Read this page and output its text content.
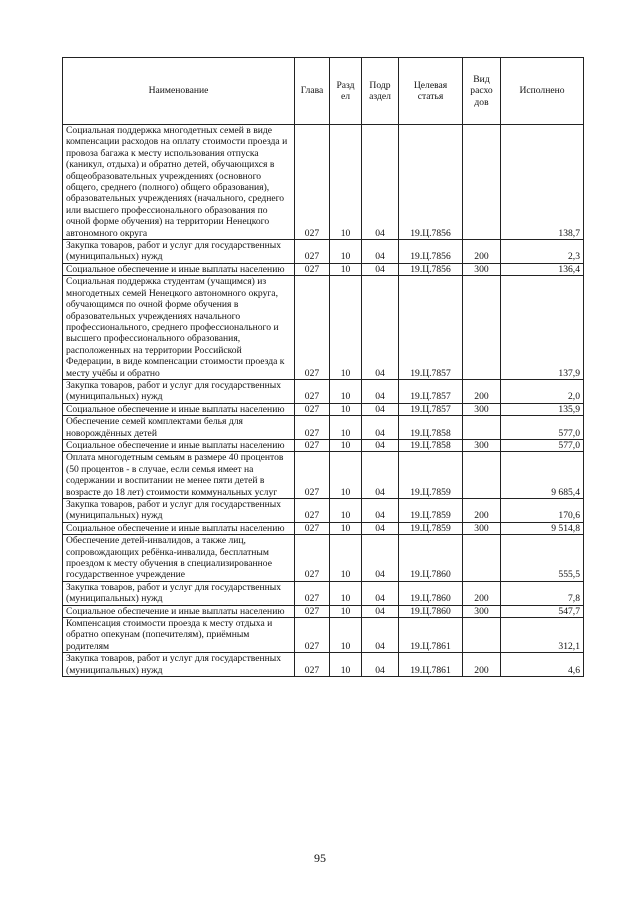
Наименование	Глава	Разд ел	Подр аздел	Целевая статья	Вид расхо дов	Исполнено
Социальная поддержка многодетных семей в виде компенсации расходов на оплату стоимости проезда и провоза багажа к месту использования отпуска (каникул, отдыха) и обратно детей, обучающихся в общеобразовательных учреждениях (основного общего, среднего (полного) общего образования), образовательных учреждениях (начального, среднего или высшего профессионального образования по очной форме обучения) на территории Ненецкого автономного округа	027	10	04	19.Ц.7856		138,7
Закупка товаров, работ и услуг для государственных (муниципальных) нужд	027	10	04	19.Ц.7856	200	2,3
Социальное обеспечение и иные выплаты населению	027	10	04	19.Ц.7856	300	136,4
Социальная поддержка студентам (учащимся) из многодетных семей Ненецкого автономного округа, обучающимся по очной форме обучения в образовательных учреждениях начального профессионального, среднего профессионального и высшего профессионального образования, расположенных на территории Российской Федерации, в виде компенсации стоимости проезда к месту учёбы и обратно	027	10	04	19.Ц.7857		137,9
Закупка товаров, работ и услуг для государственных (муниципальных) нужд	027	10	04	19.Ц.7857	200	2,0
Социальное обеспечение и иные выплаты населению	027	10	04	19.Ц.7857	300	135,9
Обеспечение семей комплектами белья для новорождённых детей	027	10	04	19.Ц.7858		577,0
Социальное обеспечение и иные выплаты населению	027	10	04	19.Ц.7858	300	577,0
Оплата многодетным семьям в размере 40 процентов (50 процентов - в случае, если семья имеет на содержании и воспитании не менее пяти детей в возрасте до 18 лет) стоимости коммунальных услуг	027	10	04	19.Ц.7859		9 685,4
Закупка товаров, работ и услуг для государственных (муниципальных) нужд	027	10	04	19.Ц.7859	200	170,6
Социальное обеспечение и иные выплаты населению	027	10	04	19.Ц.7859	300	9 514,8
Обеспечение детей-инвалидов, а также лиц, сопровождающих ребёнка-инвалида, бесплатным проездом к месту обучения в специализированное государственное учреждение	027	10	04	19.Ц.7860		555,5
Закупка товаров, работ и услуг для государственных (муниципальных) нужд	027	10	04	19.Ц.7860	200	7,8
Социальное обеспечение и иные выплаты населению	027	10	04	19.Ц.7860	300	547,7
Компенсация стоимости проезда к месту отдыха и обратно опекунам (попечителям), приёмным родителям	027	10	04	19.Ц.7861		312,1
Закупка товаров, работ и услуг для государственных (муниципальных) нужд	027	10	04	19.Ц.7861	200	4,6
95
